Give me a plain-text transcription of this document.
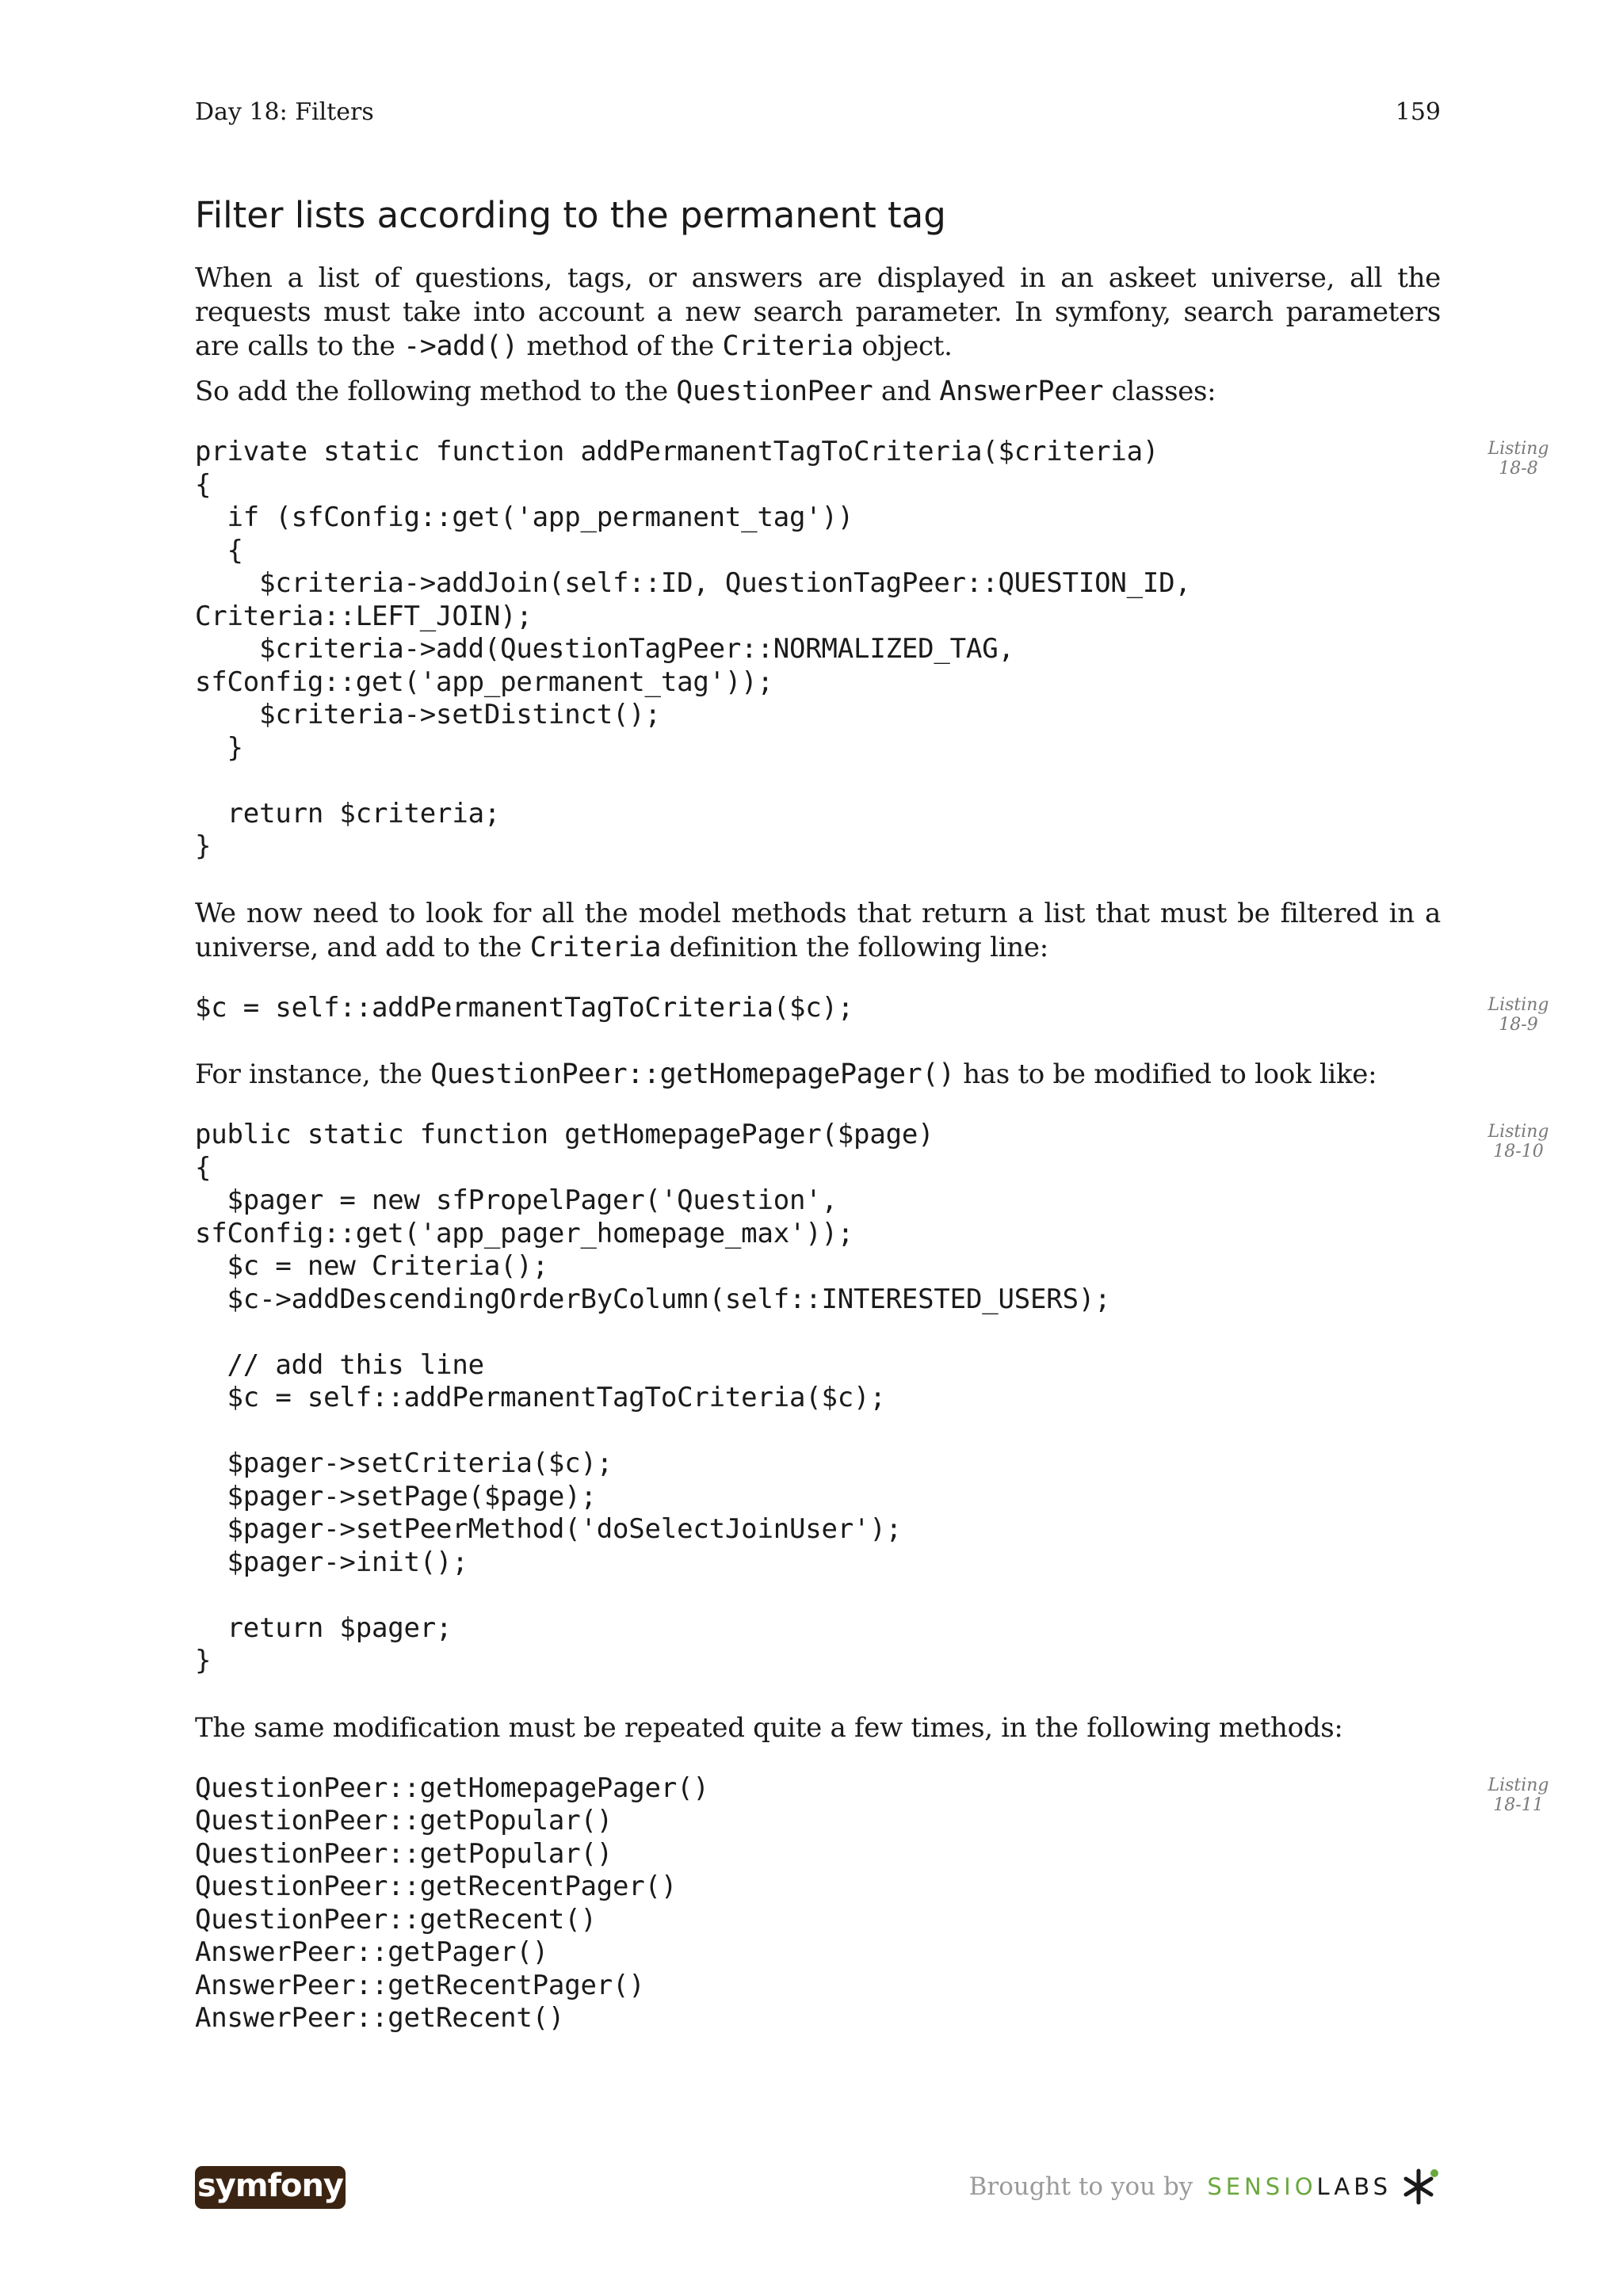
Day 18: Filters	159
Filter lists according to the permanent tag

When a list of questions, tags, or answers are displayed in an askeet universe, all the requests must take into account a new search parameter. In symfony, search parameters are calls to the ->add() method of the Criteria object.

So add the following method to the QuestionPeer and AnswerPeer classes:

private static function addPermanentTagToCriteria($criteria)
{
if (sfConfig::get('app_permanent_tag'))
{
$criteria->addJoin(self::ID, QuestionTagPeer::QUESTION_ID,
Criteria::LEFT_JOIN);
$criteria->add(QuestionTagPeer::NORMALIZED_TAG,
sfConfig::get('app_permanent_tag'));
$criteria->setDistinct();
}

return $criteria;
}
Listing
18-8

We now need to look for all the model methods that return a list that must be filtered in a universe, and add to the Criteria definition the following line:

$c = self::addPermanentTagToCriteria($c);	Listing
18-9

For instance, the QuestionPeer::getHomepagePager() has to be modified to look like:

public static function getHomepagePager($page)
{
$pager = new sfPropelPager('Question',
sfConfig::get('app_pager_homepage_max'));
$c = new Criteria();
$c->addDescendingOrderByColumn(self::INTERESTED_USERS);

// add this line
$c = self::addPermanentTagToCriteria($c);

$pager->setCriteria($c);
$pager->setPage($page);
$pager->setPeerMethod('doSelectJoinUser');
$pager->init();

return $pager;
}
Listing
18-10

The same modification must be repeated quite a few times, in the following methods:

QuestionPeer::getHomepagePager()
QuestionPeer::getPopular()
QuestionPeer::getPopular()
QuestionPeer::getRecentPager()
QuestionPeer::getRecent()
AnswerPeer::getPager()
AnswerPeer::getRecentPager()
AnswerPeer::getRecent()
Listing
18-11
symfony	Brought to you by SENSIO LABS
